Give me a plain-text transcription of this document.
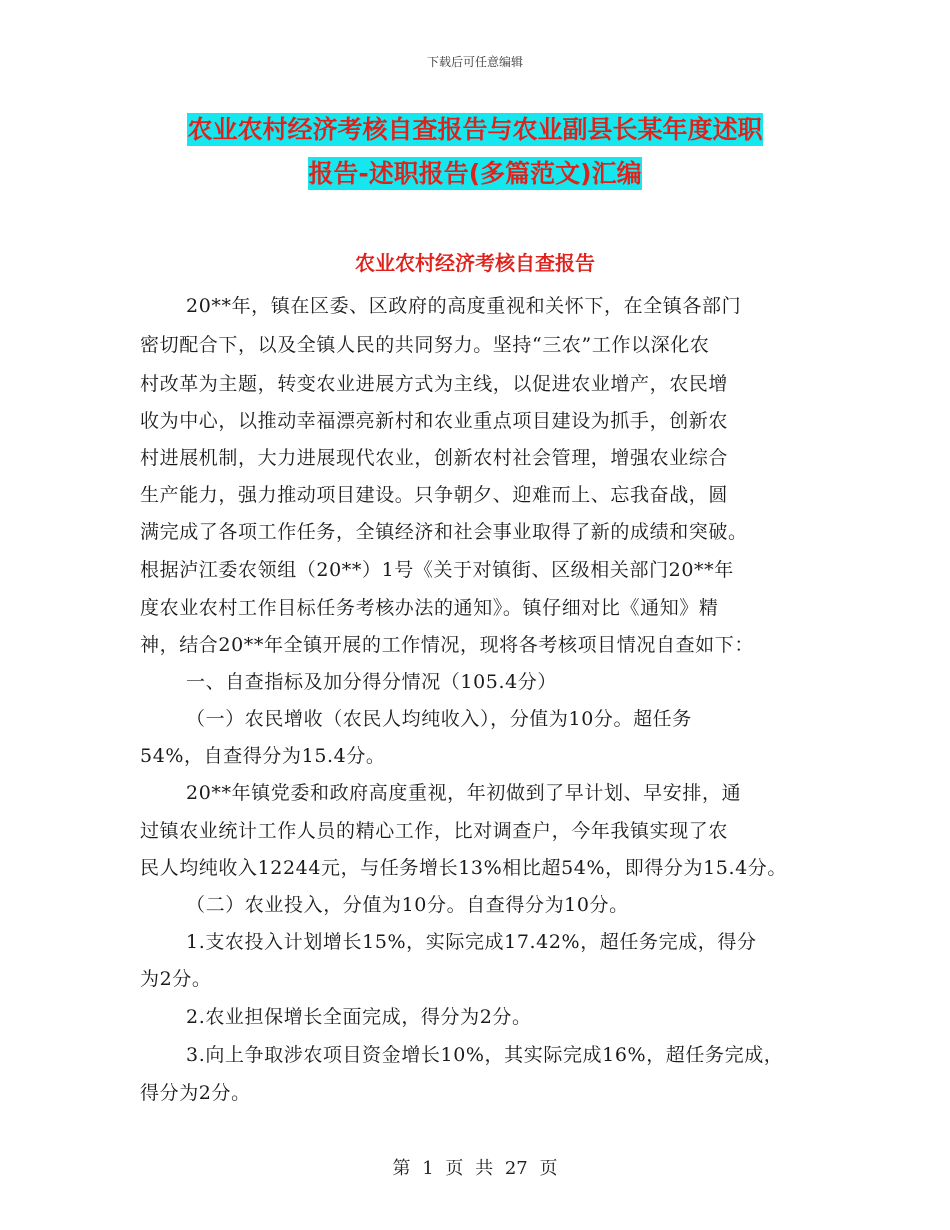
下载后可任意编辑
农业农村经济考核自查报告与农业副县长某年度述职
报告-述职报告(多篇范文)汇编
农业农村经济考核自查报告
20**年，镇在区委、区政府的高度重视和关怀下，在全镇各部门
密切配合下，以及全镇人民的共同努力。坚持“三农”工作以深化农
村改革为主题，转变农业进展方式为主线，以促进农业增产，农民增
收为中心，以推动幸福漂亮新村和农业重点项目建设为抓手，创新农
村进展机制，大力进展现代农业，创新农村社会管理，增强农业综合
生产能力，强力推动项目建设。只争朝夕、迎难而上、忘我奋战，圆
满完成了各项工作任务，全镇经济和社会事业取得了新的成绩和突破。
根据泸江委农领组（20**）1号《关于对镇街、区级相关部门20**年
度农业农村工作目标任务考核办法的通知》。镇仔细对比《通知》精
神，结合20**年全镇开展的工作情况，现将各考核项目情况自查如下：
一、自查指标及加分得分情况（105.4分）
（一）农民增收（农民人均纯收入），分值为10分。超任务
54%，自查得分为15.4分。
20**年镇党委和政府高度重视，年初做到了早计划、早安排，通
过镇农业统计工作人员的精心工作，比对调查户，今年我镇实现了农
民人均纯收入12244元，与任务增长13%相比超54%，即得分为15.4分。
（二）农业投入，分值为10分。自查得分为10分。
1.支农投入计划增长15%，实际完成17.42%，超任务完成，得分
为2分。
2.农业担保增长全面完成，得分为2分。
3.向上争取涉农项目资金增长10%，其实际完成16%，超任务完成，
得分为2分。
第 1 页 共 27 页
